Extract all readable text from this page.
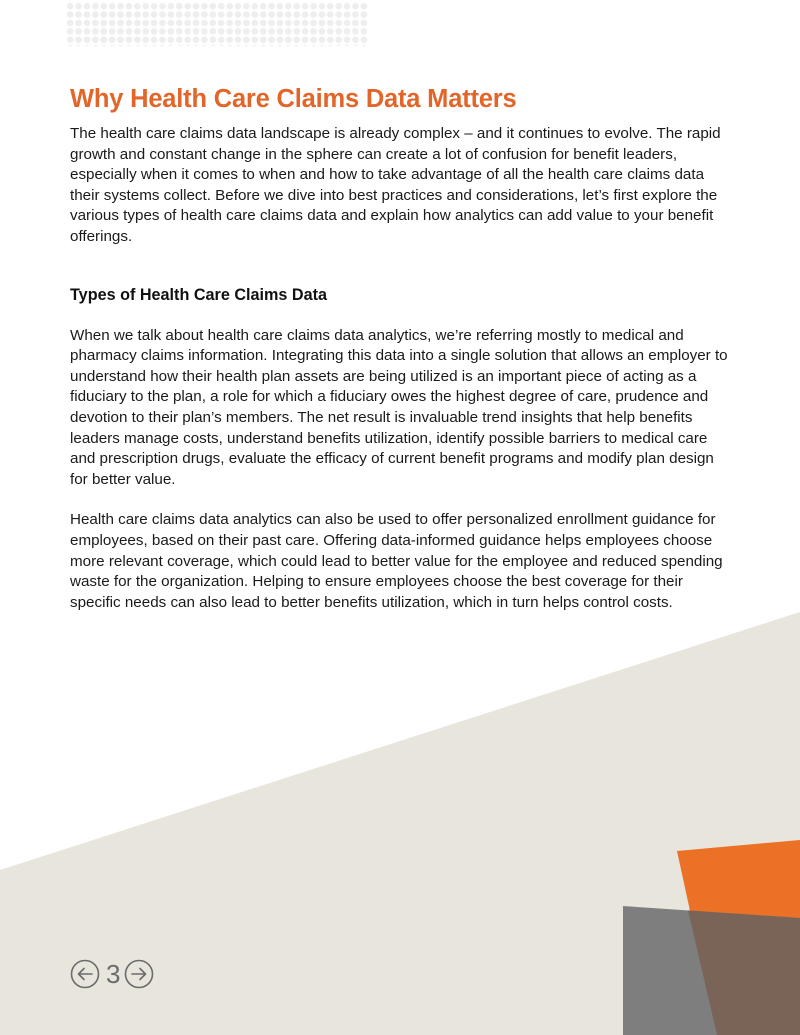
Why Health Care Claims Data Matters

The health care claims data landscape is already complex – and it continues to evolve. The rapid growth and constant change in the sphere can create a lot of confusion for benefit leaders, especially when it comes to when and how to take advantage of all the health care claims data their systems collect. Before we dive into best practices and considerations, let’s first explore the various types of health care claims data and explain how analytics can add value to your benefit offerings.

Types of Health Care Claims Data

When we talk about health care claims data analytics, we’re referring mostly to medical and pharmacy claims information. Integrating this data into a single solution that allows an employer to understand how their health plan assets are being utilized is an important piece of acting as a fiduciary to the plan, a role for which a fiduciary owes the highest degree of care, prudence and devotion to their plan’s members. The net result is invaluable trend insights that help benefits leaders manage costs, understand benefits utilization, identify possible barriers to medical care and prescription drugs, evaluate the efficacy of current benefit programs and modify plan design for better value.

Health care claims data analytics can also be used to offer personalized enrollment guidance for employees, based on their past care. Offering data-informed guidance helps employees choose more relevant coverage, which could lead to better value for the employee and reduced spending waste for the organization. Helping to ensure employees choose the best coverage for their specific needs can also lead to better benefits utilization, which in turn helps control costs.

3
